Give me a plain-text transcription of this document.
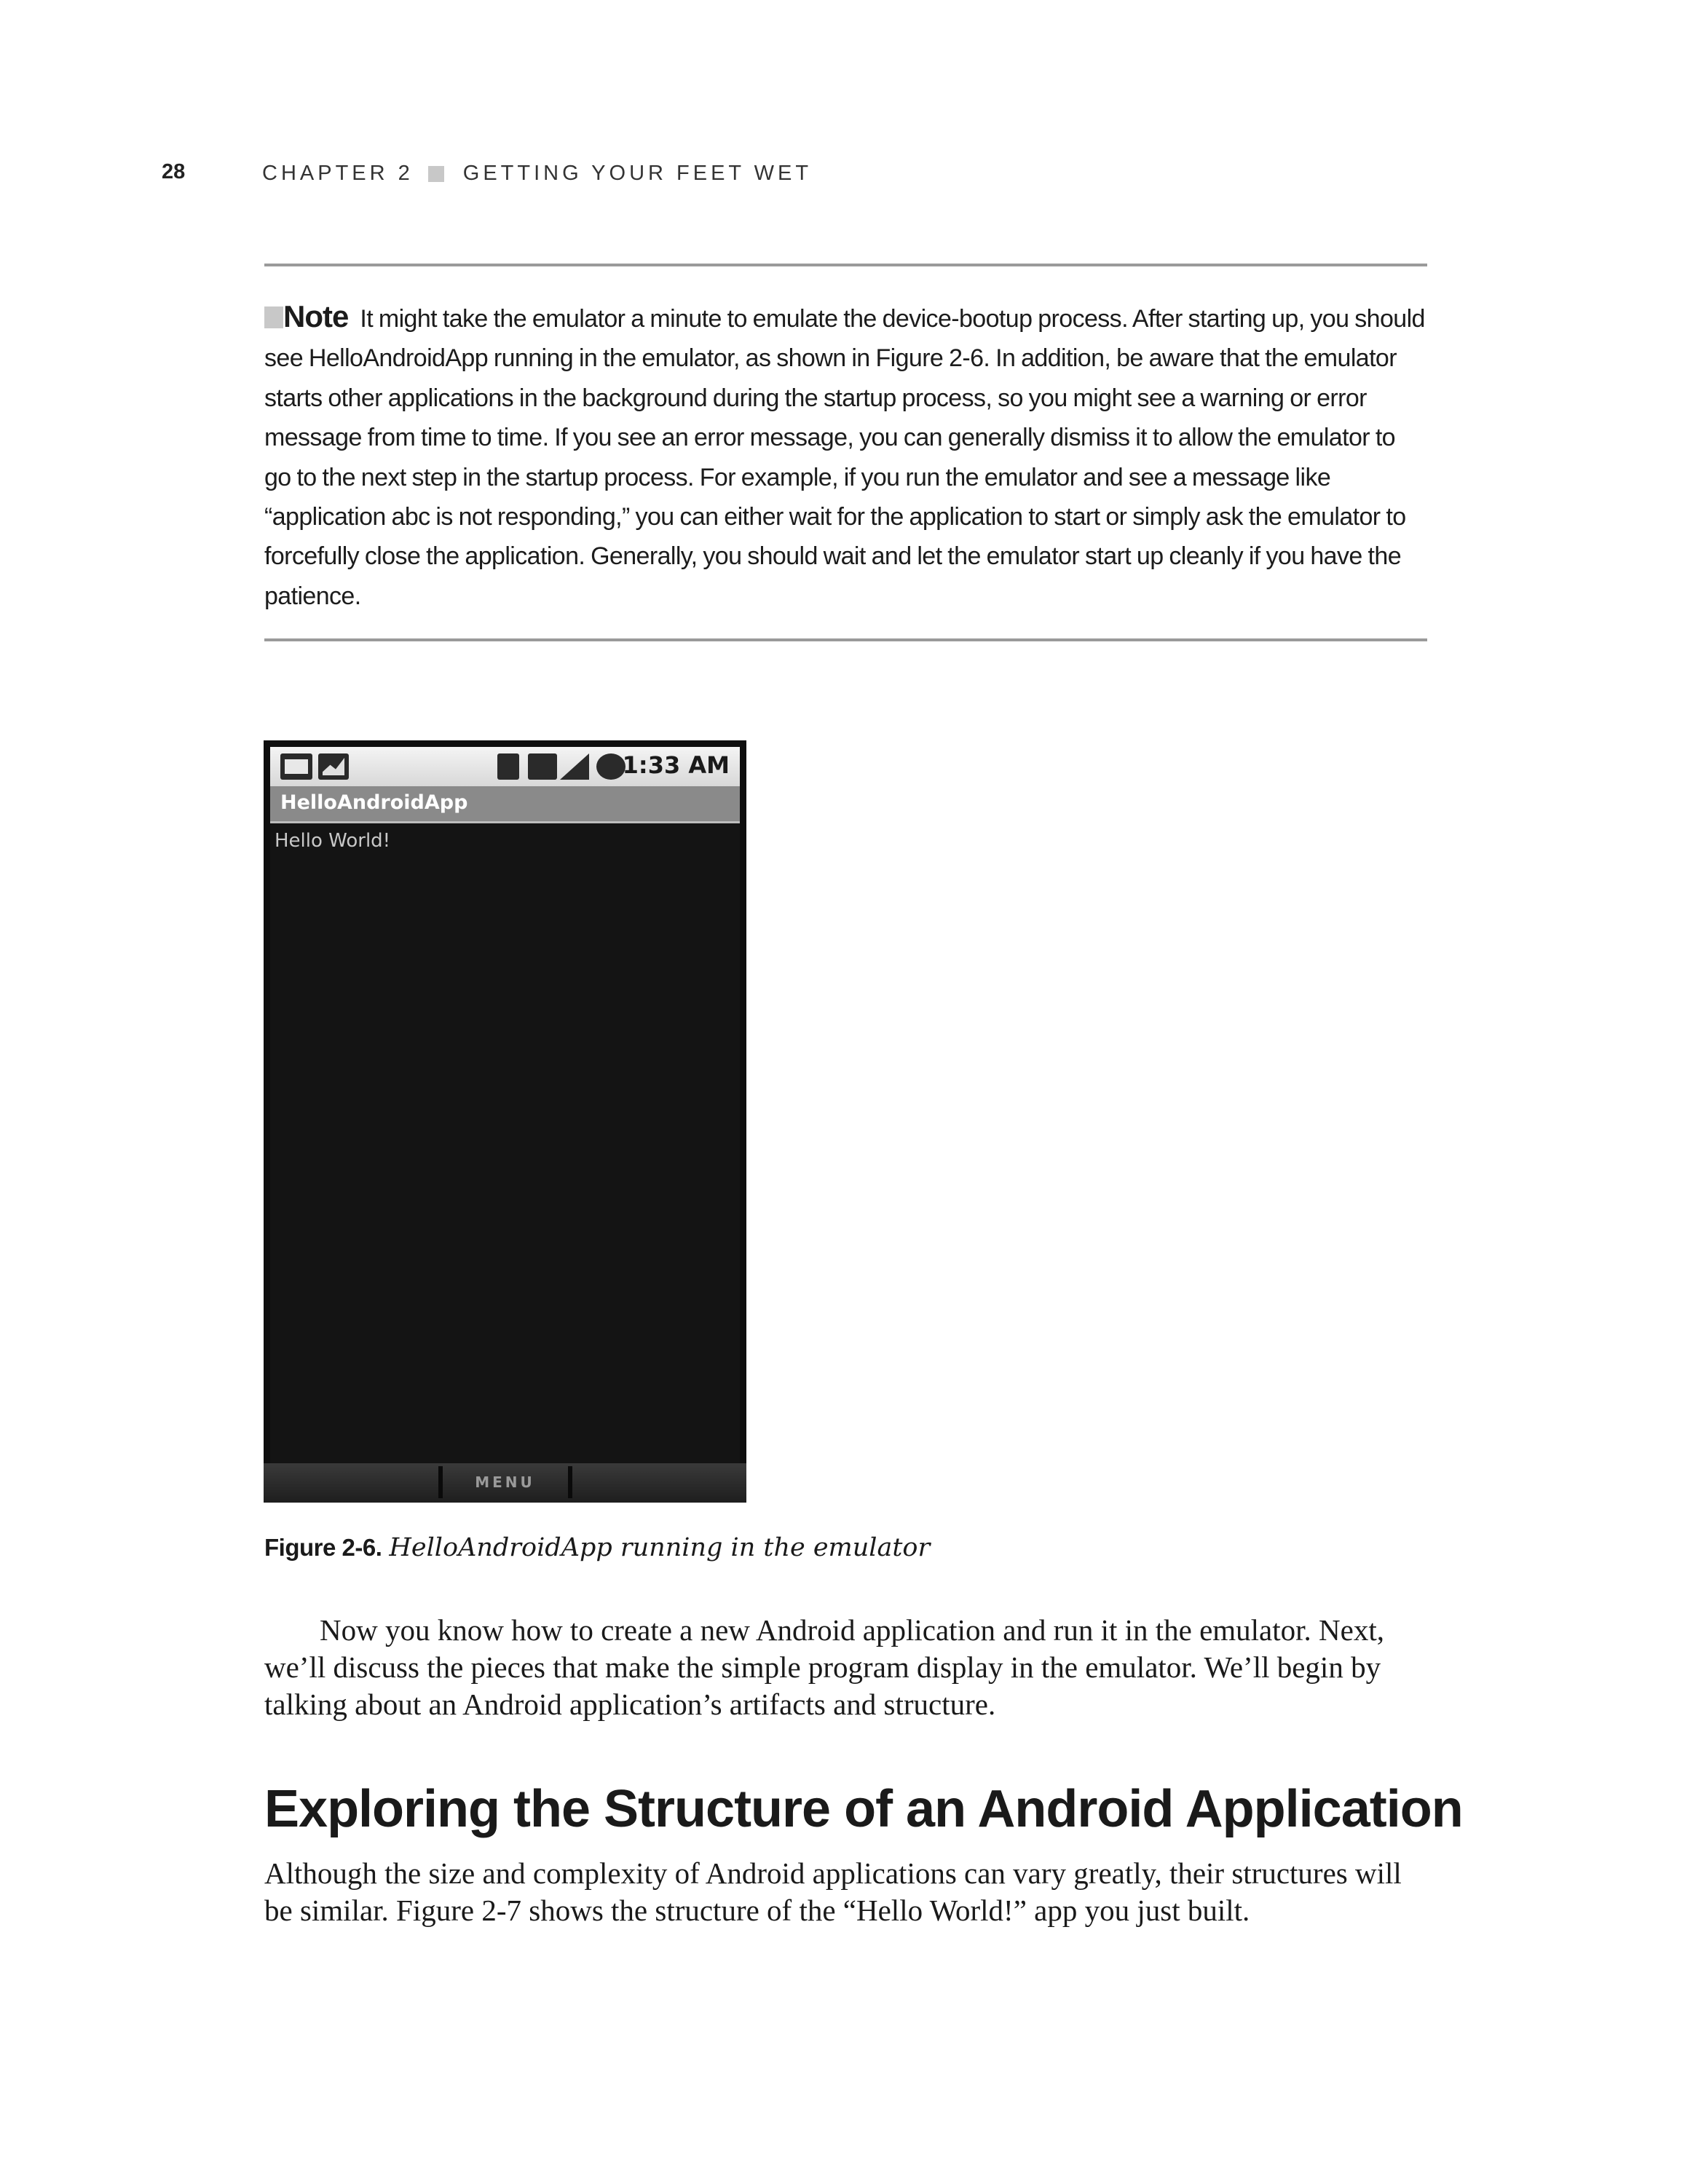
28	CHAPTER 2 GETTING YOUR FEET WET
Note It might take the emulator a minute to emulate the device-bootup process. After starting up, you should see HelloAndroidApp running in the emulator, as shown in Figure 2-6. In addition, be aware that the emulator starts other applications in the background during the startup process, so you might see a warning or error message from time to time. If you see an error message, you can generally dismiss it to allow the emulator to go to the next step in the startup process. For example, if you run the emulator and see a message like “application abc is not responding,” you can either wait for the application to start or simply ask the emulator to forcefully close the application. Generally, you should wait and let the emulator start up cleanly if you have the patience.
1:33 AM
HelloAndroidApp
Hello World!
MENU
Figure 2-6. HelloAndroidApp running in the emulator
Now you know how to create a new Android application and run it in the emulator. Next, we’ll discuss the pieces that make the simple program display in the emulator. We’ll begin by talking about an Android application’s artifacts and structure.
Exploring the Structure of an Android Application
Although the size and complexity of Android applications can vary greatly, their structures will be similar. Figure 2-7 shows the structure of the “Hello World!” app you just built.
